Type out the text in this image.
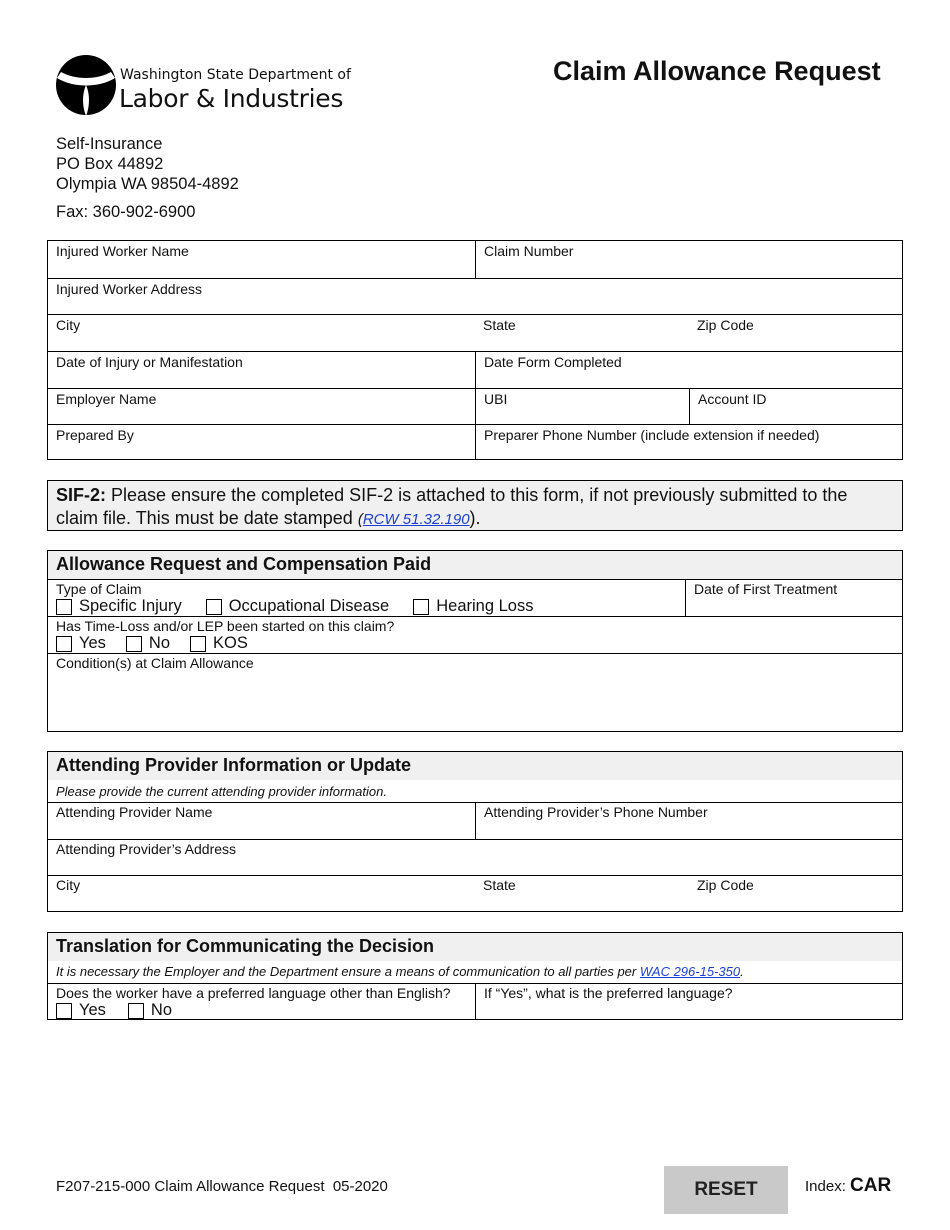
Washington State Department of
Labor & Industries
Claim Allowance Request
Self-Insurance
PO Box 44892
Olympia WA 98504-4892
Fax: 360-902-6900
Injured Worker Name	Claim Number
Injured Worker Address
City	State	Zip Code
Date of Injury or Manifestation	Date Form Completed
Employer Name	UBI	Account ID
Prepared By	Preparer Phone Number (include extension if needed)
SIF-2: Please ensure the completed SIF-2 is attached to this form, if not previously submitted to the claim file. This must be date stamped (RCW 51.32.190).
Allowance Request and Compensation Paid
Type of Claim
Specific Injury	Occupational Disease	Hearing Loss
Date of First Treatment
Has Time-Loss and/or LEP been started on this claim?
Yes	No	KOS
Condition(s) at Claim Allowance
Attending Provider Information or Update
Please provide the current attending provider information.
Attending Provider Name	Attending Provider’s Phone Number
Attending Provider’s Address
City	State	Zip Code
Translation for Communicating the Decision
It is necessary the Employer and the Department ensure a means of communication to all parties per WAC 296-15-350.
Does the worker have a preferred language other than English?
Yes	No
If “Yes”, what is the preferred language?
F207-215-000 Claim Allowance Request  05-2020	RESET	Index: CAR
